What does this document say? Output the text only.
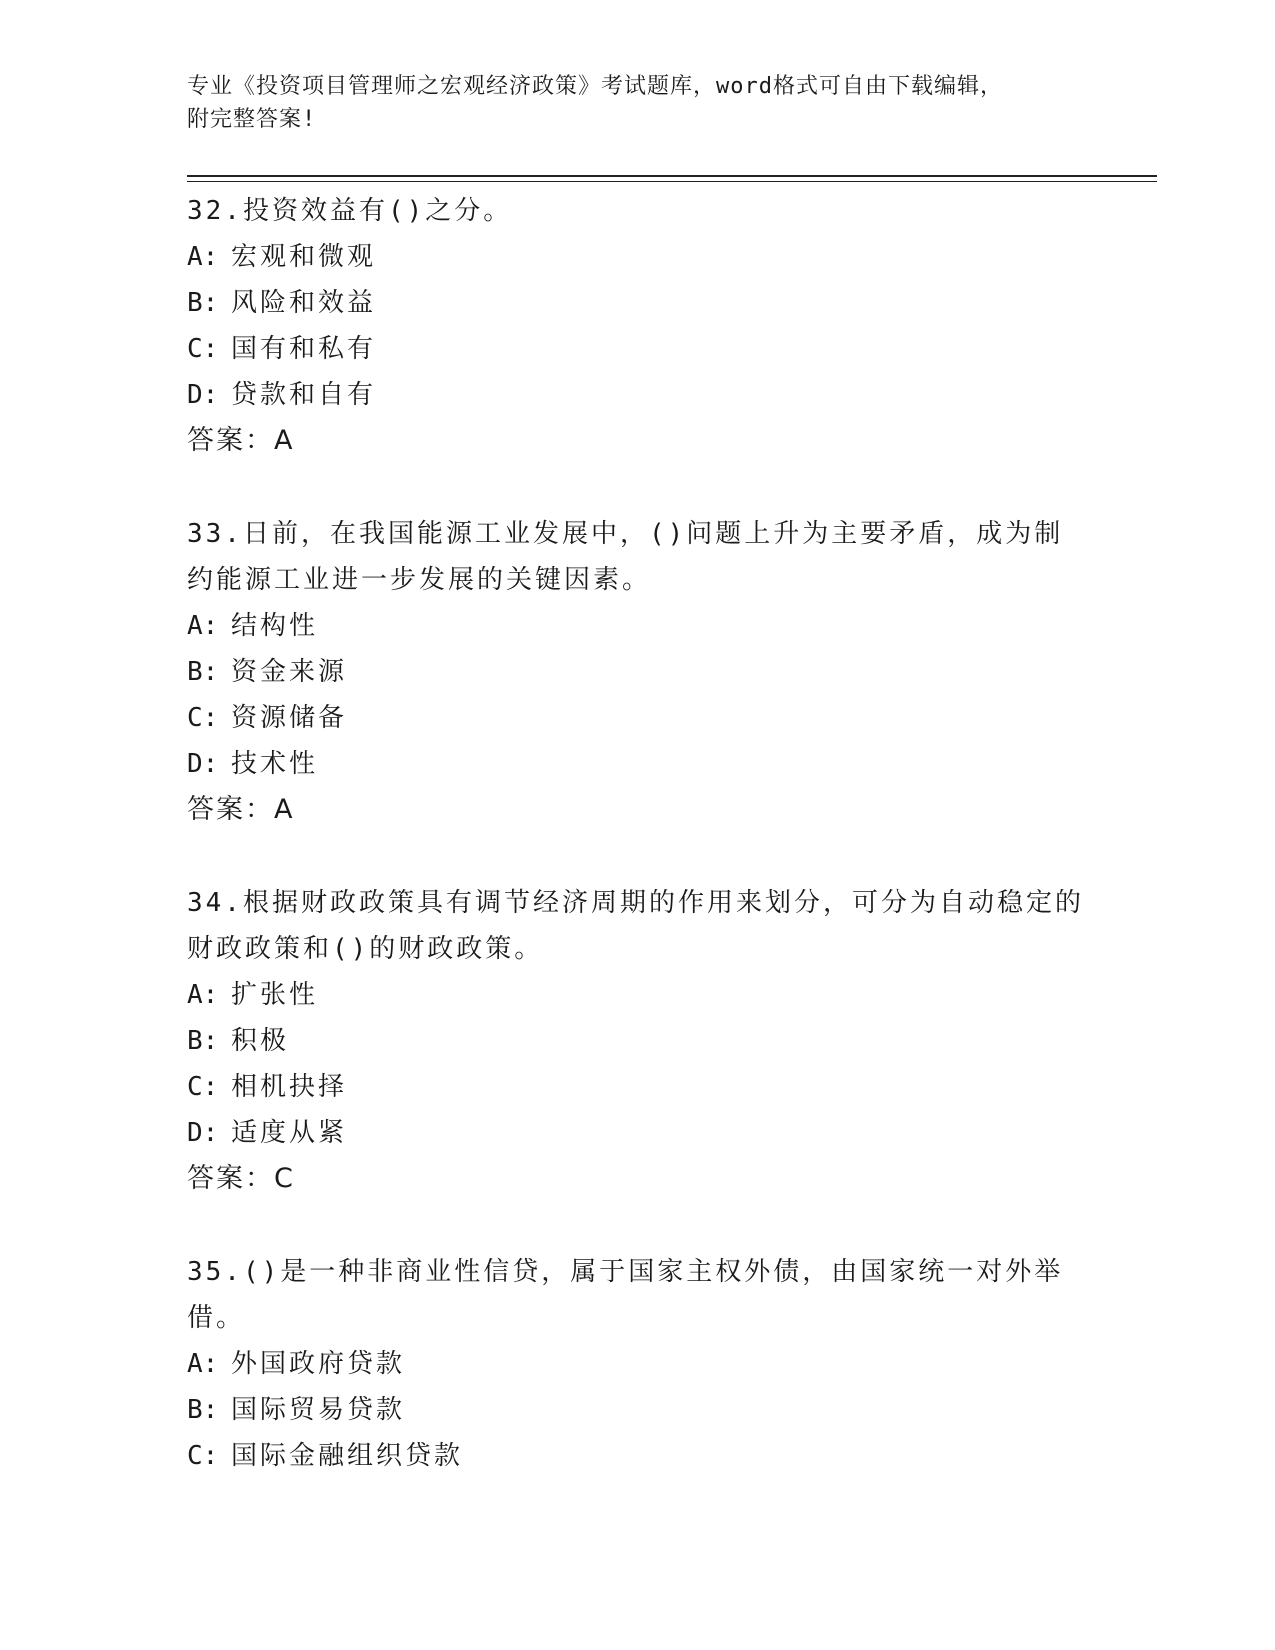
专业《投资项目管理师之宏观经济政策》考试题库，word格式可自由下载编辑，
附完整答案!

32.投资效益有()之分。

A: 宏观和微观
B: 风险和效益
C: 国有和私有
D: 贷款和自有
答案：A

33.日前，在我国能源工业发展中，()问题上升为主要矛盾，成为制约能源工业进一步发展的关键因素。

A: 结构性
B: 资金来源
C: 资源储备
D: 技术性
答案：A

34.根据财政政策具有调节经济周期的作用来划分，可分为自动稳定的财政政策和()的财政政策。

A: 扩张性
B: 积极
C: 相机抉择
D: 适度从紧
答案：C

35.()是一种非商业性信贷，属于国家主权外债，由国家统一对外举借。

A: 外国政府贷款
B: 国际贸易贷款
C: 国际金融组织贷款
